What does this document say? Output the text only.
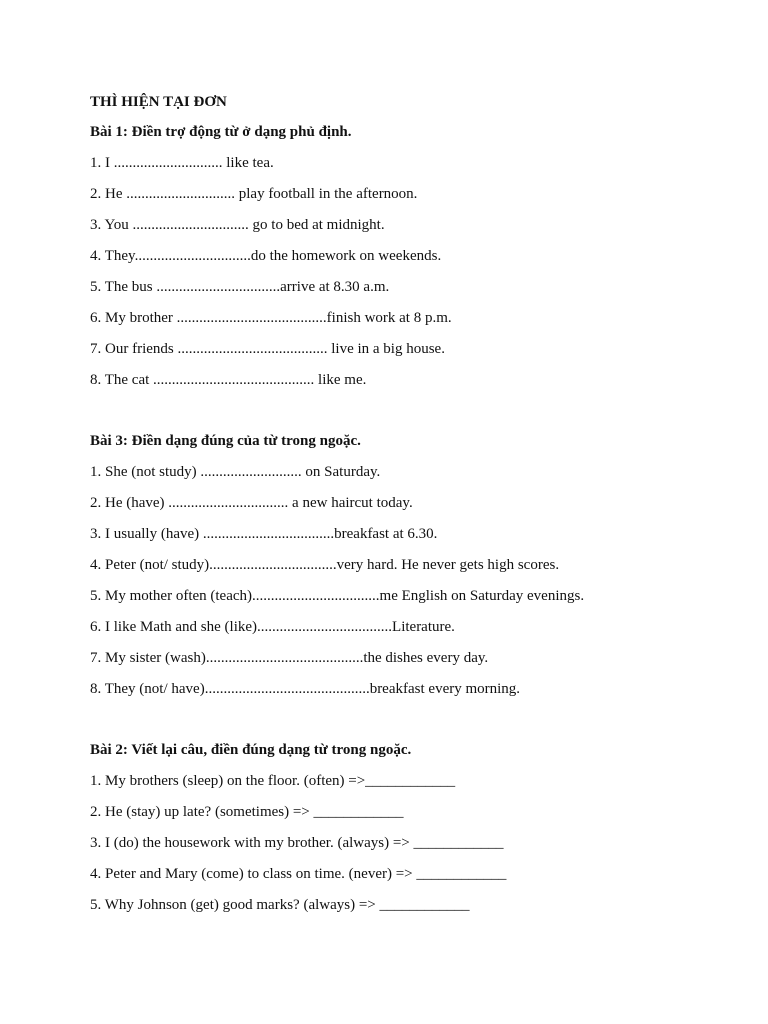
THÌ HIỆN TẠI ĐƠN

Bài 1: Điền trợ động từ ở dạng phủ định.

1. I ............................. like tea.
2. He ............................. play football in the afternoon.
3. You ............................... go to bed at midnight.
4. They...............................do the homework on weekends.
5. The bus .................................arrive at 8.30 a.m.
6. My brother ........................................finish work at 8 p.m.
7. Our friends ........................................ live in a big house.
8. The cat ........................................... like me.

Bài 3: Điền dạng đúng của từ trong ngoặc.

1. She (not study) ........................... on Saturday.
2. He (have) ................................ a new haircut today.
3. I usually (have) ...................................breakfast at 6.30.
4. Peter (not/ study)..................................very hard. He never gets high scores.
5. My mother often (teach)..................................me English on Saturday evenings.
6. I like Math and she (like)....................................Literature.
7. My sister (wash)..........................................the dishes every day.
8. They (not/ have)............................................breakfast every morning.

Bài 2: Viết lại câu, điền đúng dạng từ trong ngoặc.

1. My brothers (sleep) on the floor. (often) =>____________
2. He (stay) up late? (sometimes) => ____________
3. I (do) the housework with my brother. (always) => ____________
4. Peter and Mary (come) to class on time. (never) => ____________
5. Why Johnson (get) good marks? (always) => ____________
